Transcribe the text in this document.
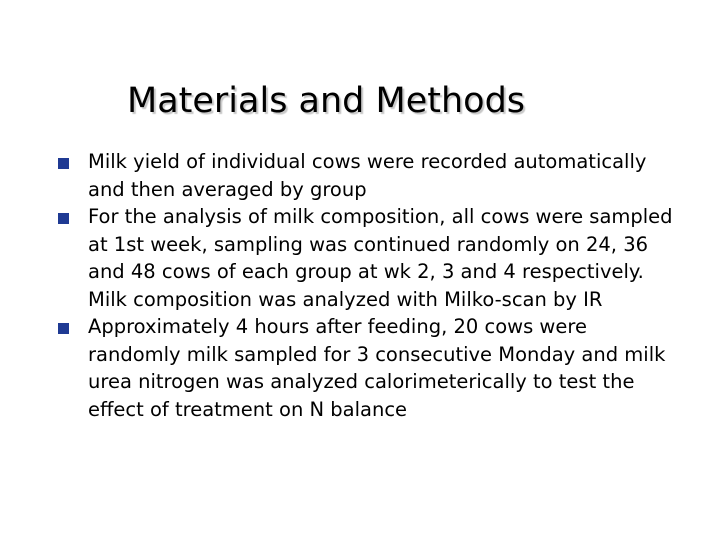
Materials and Methods
Milk yield of individual cows were recorded automatically and then averaged by group
For the analysis of milk composition, all cows were sampled at 1st week, sampling was continued randomly on 24, 36 and 48 cows of each group at wk 2, 3 and 4 respectively. Milk composition was analyzed with Milko-scan by IR
Approximately 4 hours after feeding, 20 cows were randomly milk sampled for 3 consecutive Monday and milk urea nitrogen was analyzed calorimeterically to test the effect of treatment on N balance
